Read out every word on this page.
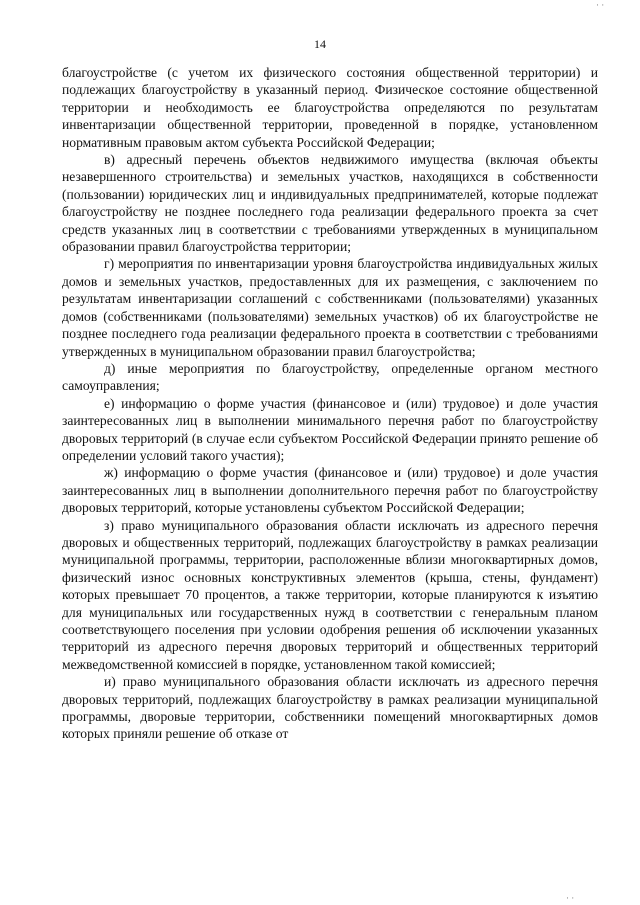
14

благоустройстве (с учетом их физического состояния общественной территории) и подлежащих благоустройству в указанный период. Физическое состояние общественной территории и необходимость ее благоустройства определяются по результатам инвентаризации общественной территории, проведенной в порядке, установленном нормативным правовым актом субъекта Российской Федерации;

в) адресный перечень объектов недвижимого имущества (включая объекты незавершенного строительства) и земельных участков, находящихся в собственности (пользовании) юридических лиц и индивидуальных предпринимателей, которые подлежат благоустройству не позднее последнего года реализации федерального проекта за счет средств указанных лиц в соответствии с требованиями утвержденных в муниципальном образовании правил благоустройства территории;

г) мероприятия по инвентаризации уровня благоустройства индивидуальных жилых домов и земельных участков, предоставленных для их размещения, с заключением по результатам инвентаризации соглашений с собственниками (пользователями) указанных домов (собственниками (пользователями) земельных участков) об их благоустройстве не позднее последнего года реализации федерального проекта в соответствии с требованиями утвержденных в муниципальном образовании правил благоустройства;

д) иные мероприятия по благоустройству, определенные органом местного самоуправления;

е) информацию о форме участия (финансовое и (или) трудовое) и доле участия заинтересованных лиц в выполнении минимального перечня работ по благоустройству дворовых территорий (в случае если субъектом Российской Федерации принято решение об определении условий такого участия);

ж) информацию о форме участия (финансовое и (или) трудовое) и доле участия заинтересованных лиц в выполнении дополнительного перечня работ по благоустройству дворовых территорий, которые установлены субъектом Российской Федерации;

з) право муниципального образования области исключать из адресного перечня дворовых и общественных территорий, подлежащих благоустройству в рамках реализации муниципальной программы, территории, расположенные вблизи многоквартирных домов, физический износ основных конструктивных элементов (крыша, стены, фундамент) которых превышает 70 процентов, а также территории, которые планируются к изъятию для муниципальных или государственных нужд в соответствии с генеральным планом соответствующего поселения при условии одобрения решения об исключении указанных территорий из адресного перечня дворовых территорий и общественных территорий межведомственной комиссией в порядке, установленном такой комиссией;

и) право муниципального образования области исключать из адресного перечня дворовых территорий, подлежащих благоустройству в рамках реализации муниципальной программы, дворовые территории, собственники помещений многоквартирных домов которых приняли решение об отказе от

· ·
· ·
